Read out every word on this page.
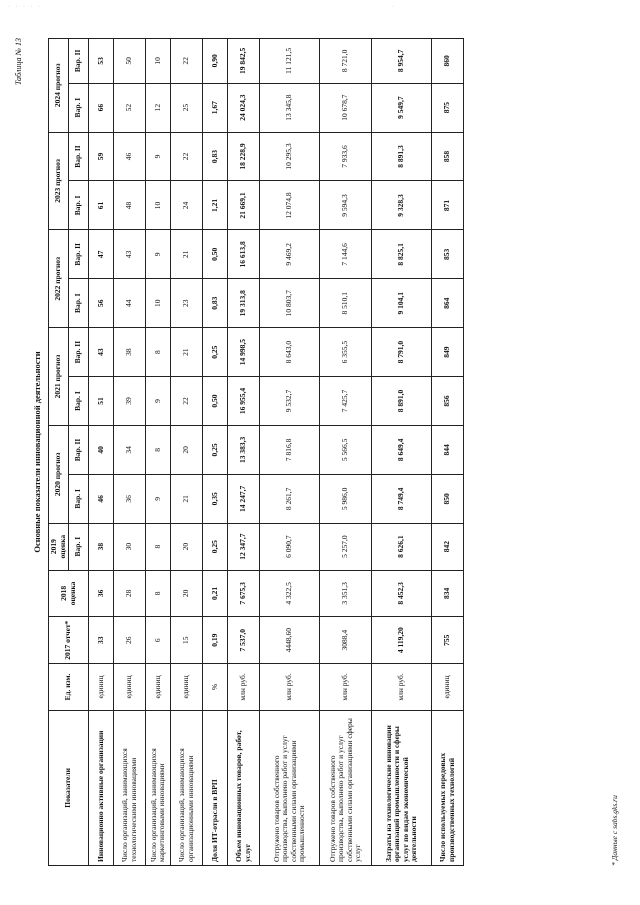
· · · · ·                                                                                                    ·
Таблица № 13
Основные показатели инновационной деятельности
Показатели	Ед. изм.	2017 отчет*	2018 оценка	2019 оценка	2020 прогноз		2021 прогноз		2022 прогноз		2023 прогноз		2024 прогноз	
				Вар. I	Вар. I	Вар. II	Вар. I	Вар. II	Вар. I	Вар. II	Вар. I	Вар. II	Вар. I	Вар. II
Инновационно активные организации	единиц	33	36	38	46	40	51	43	56	47	61	59	66	53
Число организаций, занимающихся технологическими инновациями	единиц	26	28	30	36	34	39	38	44	43	48	46	52	50
Число организаций, занимающихся маркетинговыми инновациями	единиц	6	8	8	9	8	9	8	10	9	10	9	12	10
Число организаций, занимающихся организационными инновациями	единиц	15	20	20	21	20	22	21	23	21	24	22	25	22
Доля ИТ-отрасли в ВРП	%	0,19	0,21	0,25	0,35	0,25	0,50	0,25	0,83	0,50	1,21	0,83	1,67	0,90
Объем инновационных товаров, работ, услуг	млн руб.	7 537,0	7 675,3	12 347,7	14 247,7	13 383,3	16 955,4	14 998,5	19 313,8	16 613,8	21 669,1	18 228,9	24 024,3	19 842,5
Отгружено товаров собственного производства, выполнено работ и услуг собственными силами организациями промышленности	млн руб.	4448,60	4 322,5	6 090,7	8 261,7	7 816,8	9 532,7	8 643,0	10 803,7	9 469,2	12 074,8	10 295,3	13 345,8	11 121,5
Отгружено товаров собственного производства, выполнено работ и услуг собственными силами организациями сферы услуг	млн руб.	3088,4	3 351,3	5 257,0	5 986,0	5 566,5	7 425,7	6 355,5	8 510,1	7 144,6	9 594,3	7 933,6	10 678,7	8 721,0
Затраты на технологические инновации организаций промышленности и сферы услуг по видам экономической деятельности	млн руб.	4 119,20	8 452,3	8 626,1	8 749,4	8 649,4	8 891,0	8 791,0	9 104,1	8 825,1	9 328,3	8 891,3	9 549,7	8 954,7
Число используемых передовых производственных технологий	единиц	755	834	842	850	844	856	849	864	853	871	858	875	860
* Данные с sabs.gks.ru
